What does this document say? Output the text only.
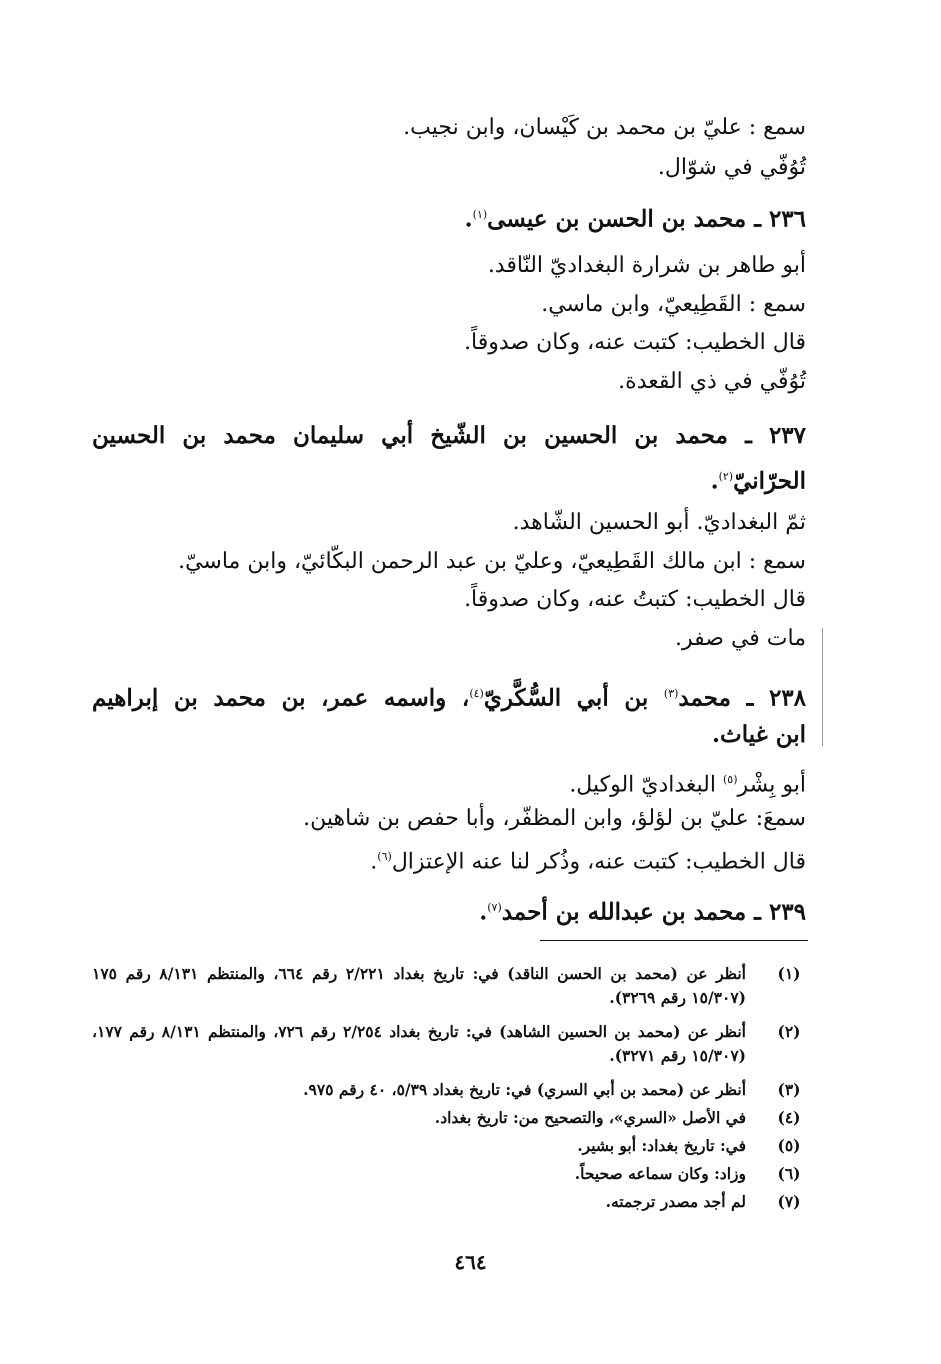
سمع : عليّ بن محمد بن كَيْسان، وابن نجيب.
تُوُفّي في شوّال.
٢٣٦ ـ محمد بن الحسن بن عيسى$^{(١)}$.
أبو طاهر بن شرارة البغداديّ النّاقد.
سمع : القَطِيعيّ، وابن ماسي.
قال الخطيب: كتبت عنه، وكان صدوقاً.
تُوُفّي في ذي القعدة.
٢٣٧ ـ محمد بن الحسين بن الشّيخ أبي سليمان محمد بن الحسين
الحرّانيّ$^{(٢)}$.
ثمّ البغداديّ. أبو الحسين الشّاهد.
سمع : ابن مالك القَطِيعيّ، وعليّ بن عبد الرحمن البكّائيّ، وابن ماسيّ.
قال الخطيب: كتبتُ عنه، وكان صدوقاً.
مات في صفر.
٢٣٨ ـ محمد$^{(٣)}$ بن أبي السُّكَّريّ$^{(٤)}$، واسمه عمر، بن محمد بن إبراهيم
ابن غياث.
أبو بِشْر$^{(٥)}$ البغداديّ الوكيل.
سمعَ: عليّ بن لؤلؤ، وابن المظفّر، وأبا حفص بن شاهين.
قال الخطيب: كتبت عنه، وذُكر لنا عنه الإعتزال$^{(٦)}$.
٢٣٩ ـ محمد بن عبدالله بن أحمد$^{(٧)}$.
(١)
أنظر عن (محمد بن الحسن الناقد) في: تاريخ بغداد ٢/٢٢١ رقم ٦٦٤، والمنتظم ٨/١٣١ رقم ١٧٥ (١٥/٣٠٧ رقم ٣٢٦٩).
(٢)
أنظر عن (محمد بن الحسين الشاهد) في: تاريخ بغداد ٢/٢٥٤ رقم ٧٢٦، والمنتظم ٨/١٣١ رقم ١٧٧، (١٥/٣٠٧ رقم ٣٢٧١).
(٣)
أنظر عن (محمد بن أبي السري) في: تاريخ بغداد ٥/٣٩، ٤٠ رقم ٩٧٥.
(٤)
في الأصل «السري»، والتصحيح من: تاريخ بغداد.
(٥)
في: تاريخ بغداد: أبو بشير.
(٦)
وزاد: وكان سماعه صحيحاً.
(٧)
لم أجد مصدر ترجمته.
٤٦٤
